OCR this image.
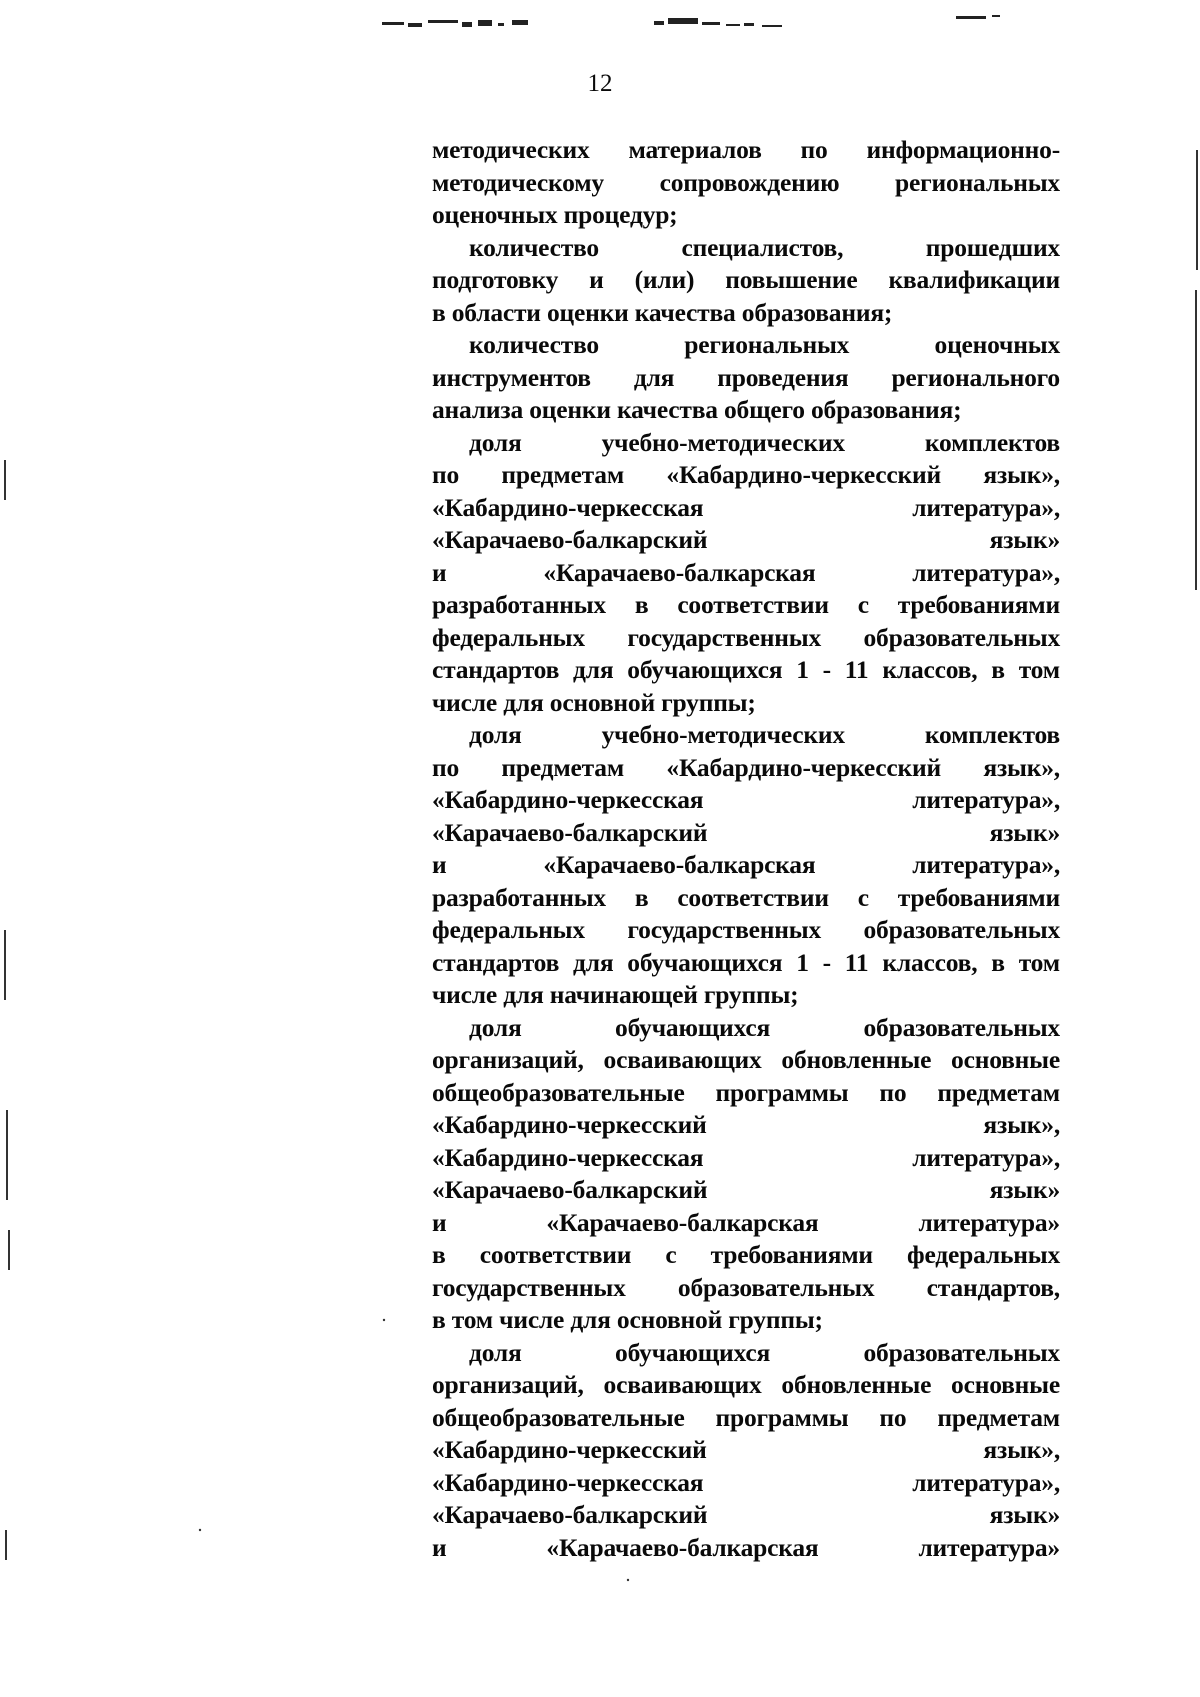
12
методических материалов по информационно-
методическому сопровождению региональных
оценочных процедур;
количество	специалистов,	прошедших
подготовку и (или) повышение квалификации
в области оценки качества образования;
количество	региональных	оценочных
инструментов для проведения регионального
анализа оценки качества общего образования;
доля	учебно-методических	комплектов
по предметам «Кабардино-черкесский язык»,
«Кабардино-черкесская	литература»,
«Карачаево-балкарский	язык»
и	«Карачаево-балкарская	литература»,
разработанных в соответствии с требованиями
федеральных государственных образовательных
стандартов для обучающихся 1 - 11 классов, в том
числе для основной группы;
доля	учебно-методических	комплектов
по предметам «Кабардино-черкесский язык»,
«Кабардино-черкесская	литература»,
«Карачаево-балкарский	язык»
и	«Карачаево-балкарская	литература»,
разработанных в соответствии с требованиями
федеральных государственных образовательных
стандартов для обучающихся 1 - 11 классов, в том
числе для начинающей группы;
доля	обучающихся	образовательных
организаций, осваивающих обновленные основные
общеобразовательные программы по предметам
«Кабардино-черкесский	язык»,
«Кабардино-черкесская	литература»,
«Карачаево-балкарский	язык»
и	«Карачаево-балкарская	литература»
в соответствии с требованиями федеральных
государственных образовательных стандартов,
в том числе для основной группы;
доля	обучающихся	образовательных
организаций, осваивающих обновленные основные
общеобразовательные программы по предметам
«Кабардино-черкесский	язык»,
«Кабардино-черкесская	литература»,
«Карачаево-балкарский	язык»
и	«Карачаево-балкарская	литература»
